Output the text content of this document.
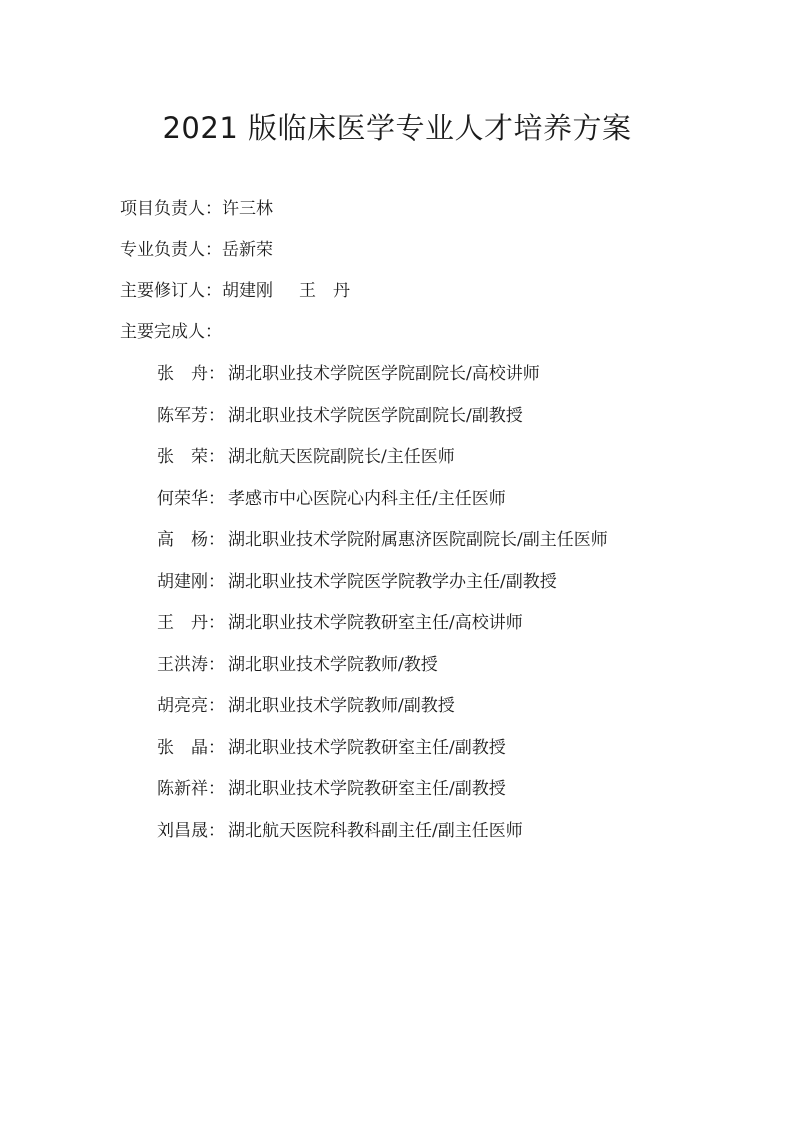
2021 版临床医学专业人才培养方案
项目负责人：许三林
专业负责人：岳新荣
主要修订人：胡建刚 王　丹
主要完成人：
张舟 ： 湖北职业技术学院医学院副院长/高校讲师
陈军芳 ： 湖北职业技术学院医学院副院长/副教授
张荣 ： 湖北航天医院副院长/主任医师
何荣华 ： 孝感市中心医院心内科主任/主任医师
高杨 ： 湖北职业技术学院附属惠济医院副院长/副主任医师
胡建刚 ： 湖北职业技术学院医学院教学办主任/副教授
王丹 ： 湖北职业技术学院教研室主任/高校讲师
王洪涛 ： 湖北职业技术学院教师/教授
胡亮亮 ： 湖北职业技术学院教师/副教授
张晶 ： 湖北职业技术学院教研室主任/副教授
陈新祥 ： 湖北职业技术学院教研室主任/副教授
刘昌晟 ： 湖北航天医院科教科副主任/副主任医师
